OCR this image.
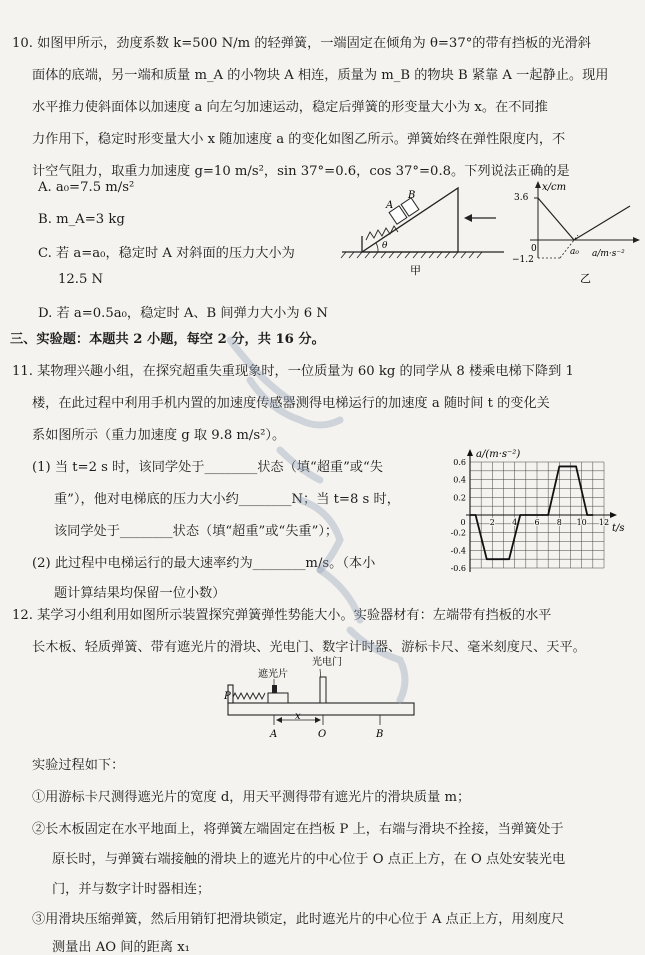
10. 如图甲所示，劲度系数 k=500 N/m 的轻弹簧，一端固定在倾角为 θ=37°的带有挡板的光滑斜
面体的底端，另一端和质量 m_A 的小物块 A 相连，质量为 m_B 的物块 B 紧靠 A 一起静止。现用
水平推力使斜面体以加速度 a 向左匀加速运动，稳定后弹簧的形变量大小为 x。在不同推
力作用下，稳定时形变量大小 x 随加速度 a 的变化如图乙所示。弹簧始终在弹性限度内，不
计空气阻力，取重力加速度 g=10 m/s²，sin 37°=0.6，cos 37°=0.8。下列说法正确的是
A. a₀=7.5 m/s²
B. m_A=3 kg
C. 若 a=a₀，稳定时 A 对斜面的压力大小为
12.5 N
D. 若 a=0.5a₀，稳定时 A、B 间弹力大小为 6 N
A
B
θ
甲
x/cm
3.6
−1.2
0	a₀ a/m·s⁻²
乙
三、实验题：本题共 2 小题，每空 2 分，共 16 分。
11. 某物理兴趣小组，在探究超重失重现象时，一位质量为 60 kg 的同学从 8 楼乘电梯下降到 1
楼，在此过程中利用手机内置的加速度传感器测得电梯运行的加速度 a 随时间 t 的变化关
系如图所示（重力加速度 g 取 9.8 m/s²）。
(1) 当 t=2 s 时，该同学处于________状态（填“超重”或“失
重”），他对电梯底的压力大小约________N；当 t=8 s 时，
该同学处于________状态（填“超重”或“失重”）；
(2) 此过程中电梯运行的最大速率约为________m/s。（本小
题计算结果均保留一位小数）
a/(m·s⁻²)
t/s
0.6
0.4
0.2
-0.2
-0.4
-0.6
0	2 4 6 8 10 12
12. 某学习小组利用如图所示装置探究弹簧弹性势能大小。实验器材有：左端带有挡板的水平
长木板、轻质弹簧、带有遮光片的滑块、光电门、数字计时器、游标卡尺、毫米刻度尺、天平。
遮光片
光电门
P
x
A	O	B
实验过程如下：
①用游标卡尺测得遮光片的宽度 d，用天平测得带有遮光片的滑块质量 m；
②长木板固定在水平地面上，将弹簧左端固定在挡板 P 上，右端与滑块不拴接，当弹簧处于
原长时，与弹簧右端接触的滑块上的遮光片的中心位于 O 点正上方，在 O 点处安装光电
门，并与数字计时器相连；
③用滑块压缩弹簧，然后用销钉把滑块锁定，此时遮光片的中心位于 A 点正上方，用刻度尺
测量出 AO 间的距离 x₁
